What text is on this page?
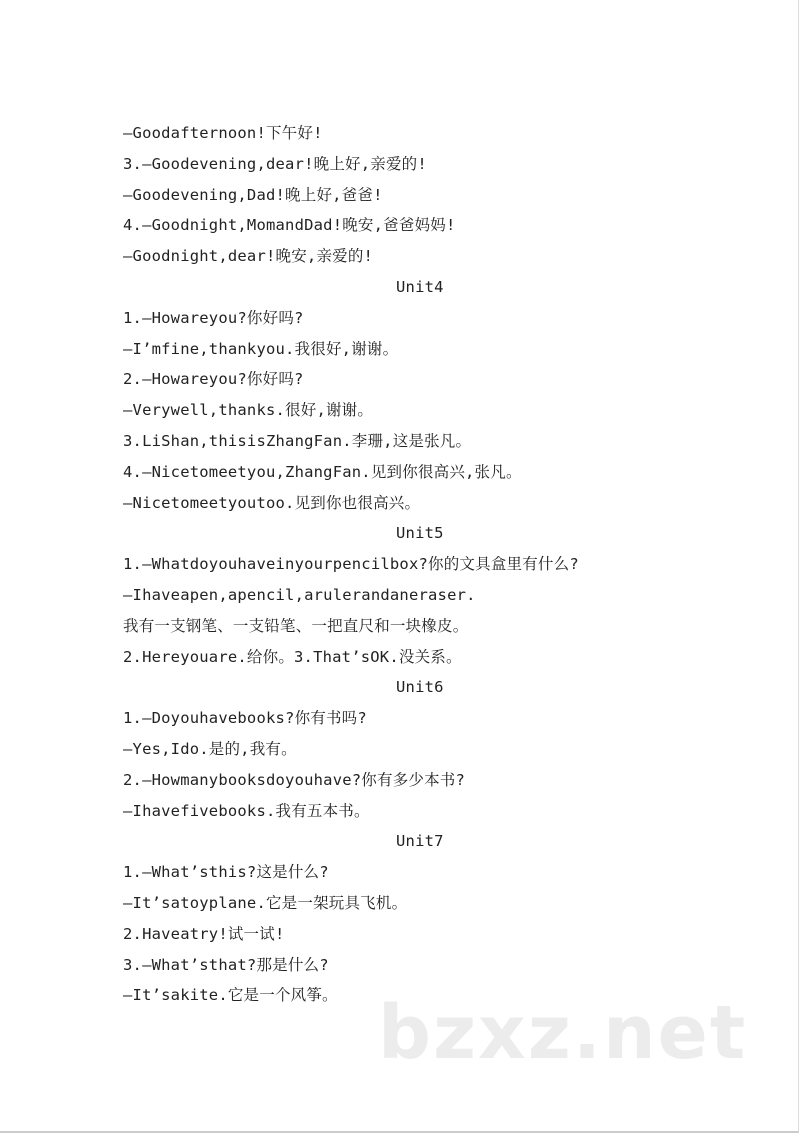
—Goodafternoon!下午好!
3.—Goodevening,dear!晚上好,亲爱的!
—Goodevening,Dad!晚上好,爸爸!
4.—Goodnight,MomandDad!晚安,爸爸妈妈!
—Goodnight,dear!晚安,亲爱的!
Unit4
1.—Howareyou?你好吗?
—I’mfine,thankyou.我很好,谢谢。
2.—Howareyou?你好吗?
—Verywell,thanks.很好,谢谢。
3.LiShan,thisisZhangFan.李珊,这是张凡。
4.—Nicetomeetyou,ZhangFan.见到你很高兴,张凡。
—Nicetomeetyoutoo.见到你也很高兴。
Unit5
1.—Whatdoyouhaveinyourpencilbox?你的文具盒里有什么?
—Ihaveapen,apencil,arulerandaneraser.
我有一支钢笔、一支铅笔、一把直尺和一块橡皮。
2.Hereyouare.给你。3.That’sOK.没关系。
Unit6
1.—Doyouhavebooks?你有书吗?
—Yes,Ido.是的,我有。
2.—Howmanybooksdoyouhave?你有多少本书?
—Ihavefivebooks.我有五本书。
Unit7
1.—What’sthis?这是什么?
—It’satoyplane.它是一架玩具飞机。
2.Haveatry!试一试!
3.—What’sthat?那是什么?
—It’sakite.它是一个风筝。 bzxz.net
